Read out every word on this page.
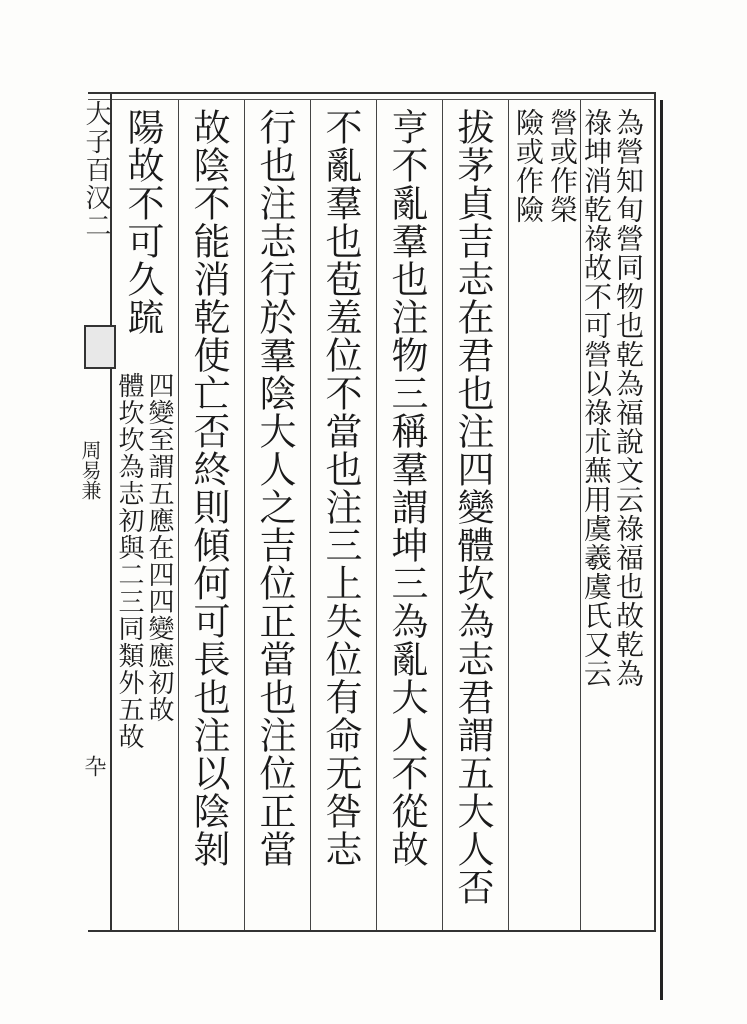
大子百汉二
周易兼
卆
為營知旬營同物也乾為福說文云祿福也故乾為
祿坤消乾祿故不可營以祿朮蕪用虞羲虞氏又云
營或作榮
險或作險
拔茅貞吉志在君也注四變體坎為志君謂五大人否
亨不亂羣也注物三稱羣謂坤三為亂大人不從故
不亂羣也苞羞位不當也注三上失位有命无咎志
行也注志行於羣陰大人之吉位正當也注位正當
故陰不能消乾使亡否終則傾何可長也注以陰剝
陽故不可久䟽
四變至謂五應在四四變應初故
體坎坎為志初與二三同類外五故
